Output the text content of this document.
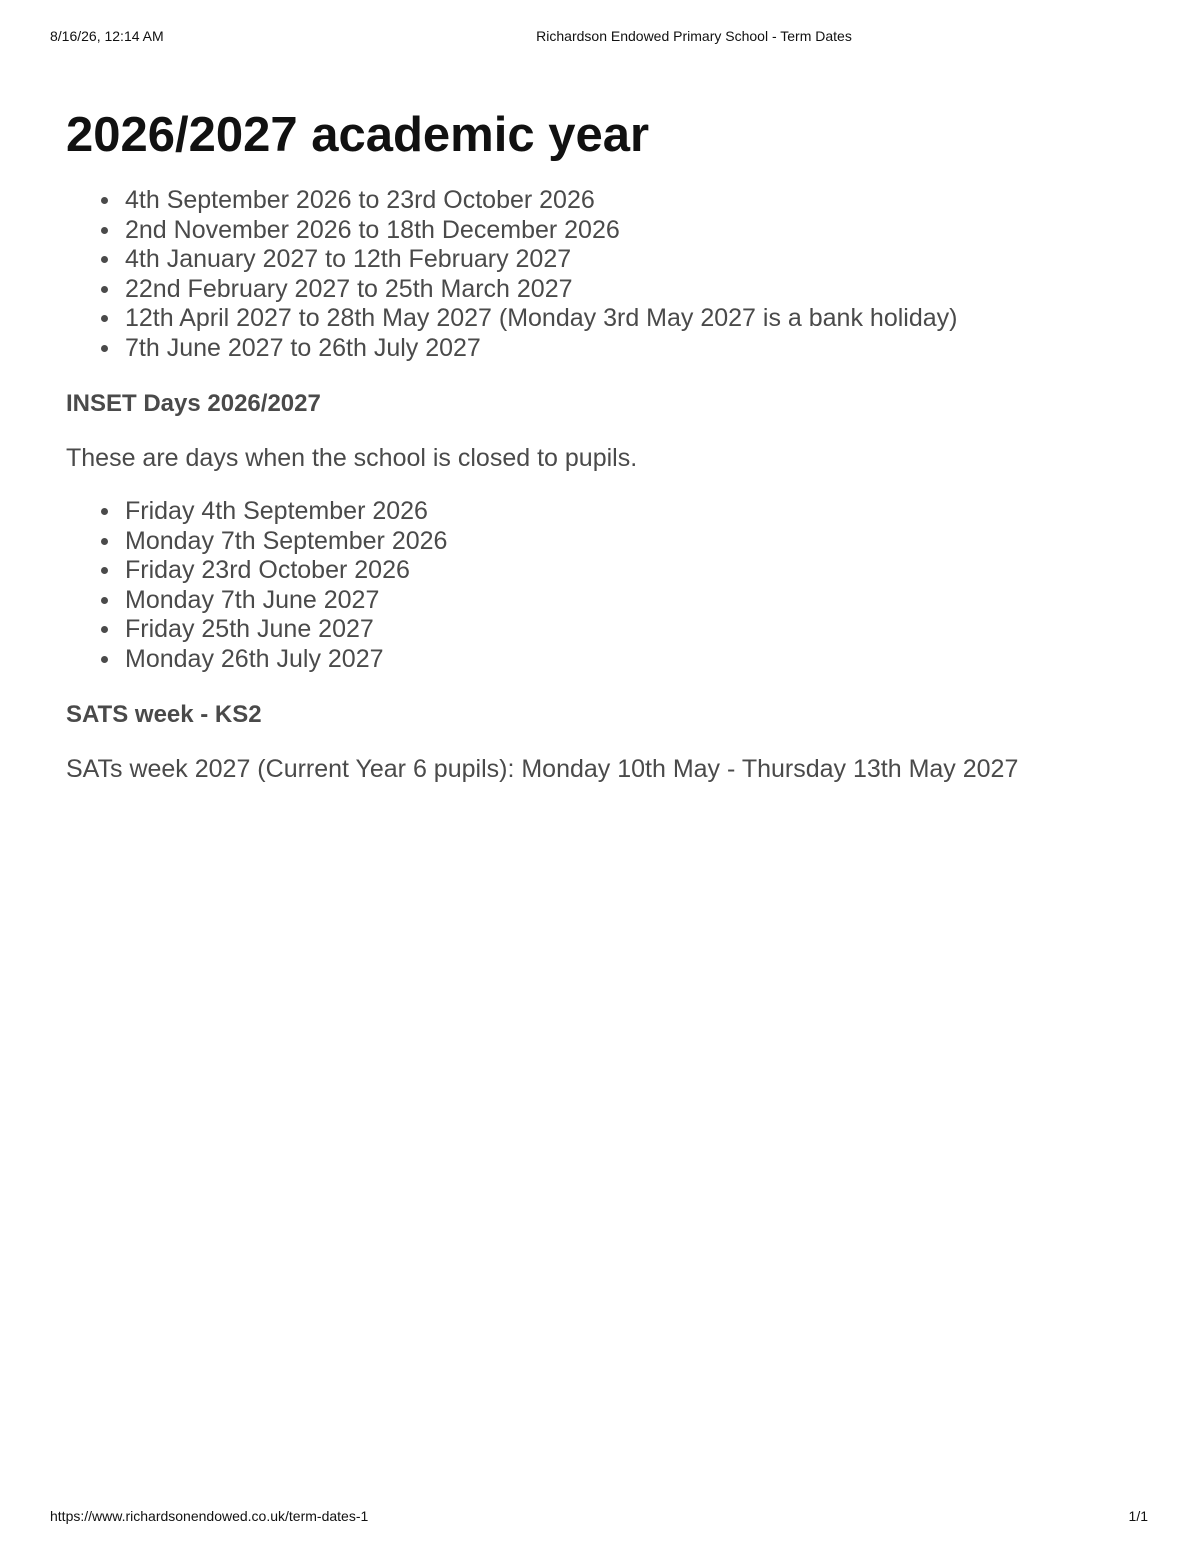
8/16/26, 12:14 AM	Richardson Endowed Primary School - Term Dates
2026/2027 academic year
4th September 2026 to 23rd October 2026
2nd November 2026 to 18th December 2026
4th January 2027 to 12th February 2027
22nd February 2027 to 25th March 2027
12th April 2027 to 28th May 2027 (Monday 3rd May 2027 is a bank holiday)
7th June 2027 to 26th July 2027
INSET Days 2026/2027

These are days when the school is closed to pupils.

Friday 4th September 2026
Monday 7th September 2026
Friday 23rd October 2026
Monday 7th June 2027
Friday 25th June 2027
Monday 26th July 2027
SATS week - KS2

SATs week 2027 (Current Year 6 pupils): Monday 10th May - Thursday 13th May 2027

https://www.richardsonendowed.co.uk/term-dates-1	1/1
